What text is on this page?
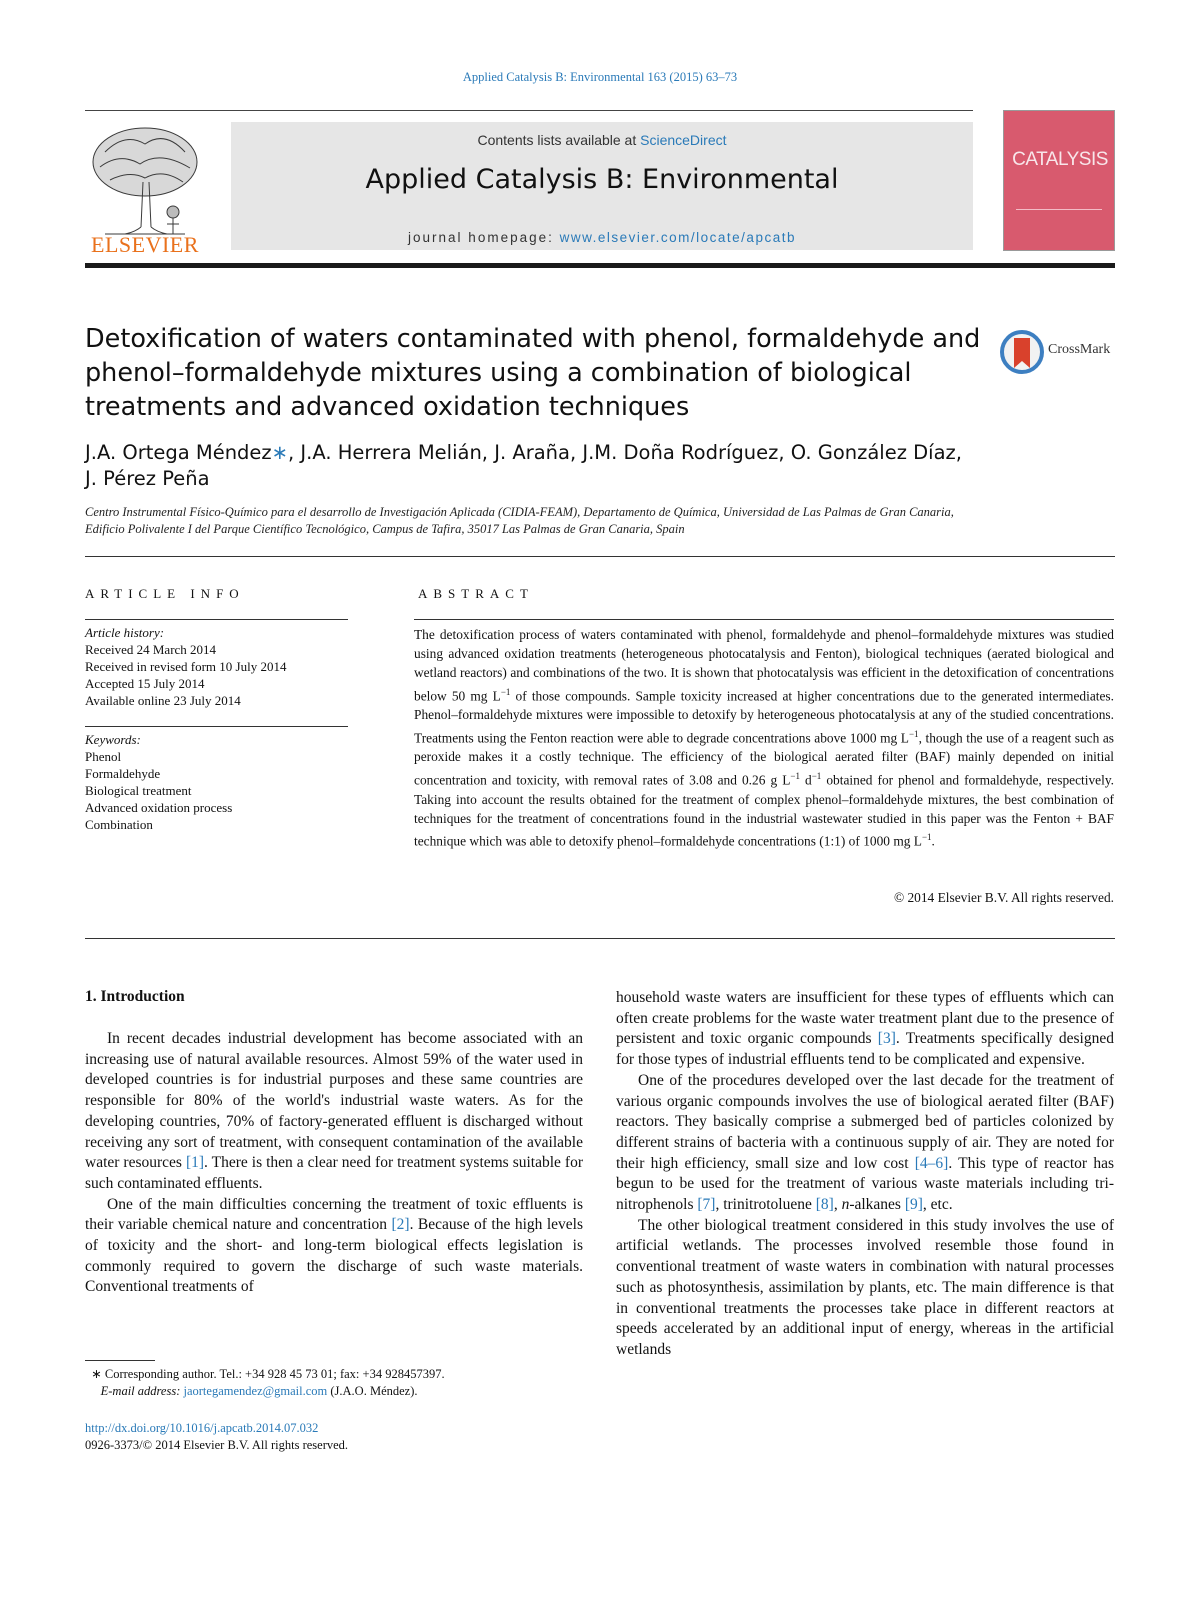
Applied Catalysis B: Environmental 163 (2015) 63–73
ELSEVIER
Contents lists available at ScienceDirect
Applied Catalysis B: Environmental
journal homepage: www.elsevier.com/locate/apcatb
CATALYSIS
Detoxification of waters contaminated with phenol, formaldehyde and phenol–formaldehyde mixtures using a combination of biological treatments and advanced oxidation techniques
CrossMark
J.A. Ortega Méndez∗, J.A. Herrera Melián, J. Araña, J.M. Doña Rodríguez, O. González Díaz,
J. Pérez Peña
Centro Instrumental Físico-Químico para el desarrollo de Investigación Aplicada (CIDIA-FEAM), Departamento de Química, Universidad de Las Palmas de Gran Canaria, Edificio Polivalente I del Parque Científico Tecnológico, Campus de Tafira, 35017 Las Palmas de Gran Canaria, Spain
ARTICLE INFO	ABSTRACT
Article history:
Received 24 March 2014
Received in revised form 10 July 2014
Accepted 15 July 2014
Available online 23 July 2014
Keywords:
Phenol
Formaldehyde
Biological treatment
Advanced oxidation process
Combination
The detoxification process of waters contaminated with phenol, formaldehyde and phenol–formaldehyde mixtures was studied using advanced oxidation treatments (heterogeneous photocatalysis and Fenton), biological techniques (aerated biological and wetland reactors) and combinations of the two. It is shown that photocatalysis was efficient in the detoxification of concentrations below 50 mg $L^{-1}$ of those compounds. Sample toxicity increased at higher concentrations due to the generated intermediates. Phenol–formaldehyde mixtures were impossible to detoxify by heterogeneous photocatalysis at any of the studied concentrations. Treatments using the Fenton reaction were able to degrade concentrations above 1000 mg $L^{-1}$, though the use of a reagent such as peroxide makes it a costly technique. The efficiency of the biological aerated filter (BAF) mainly depended on initial concentration and toxicity, with removal rates of 3.08 and 0.26 g $L^{-1}$ $d^{-1}$ obtained for phenol and formaldehyde, respectively. Taking into account the results obtained for the treatment of complex phenol–formaldehyde mixtures, the best combination of techniques for the treatment of concentrations found in the industrial wastewater studied in this paper was the Fenton + BAF technique which was able to detoxify phenol–formaldehyde concentrations (1:1) of 1000 mg $L^{-1}$.
© 2014 Elsevier B.V. All rights reserved.
1. Introduction

In recent decades industrial development has become associated with an increasing use of natural available resources. Almost 59% of the water used in developed countries is for industrial purposes and these same countries are responsible for 80% of the world's industrial waste waters. As for the developing countries, 70% of factory-generated effluent is discharged without receiving any sort of treatment, with consequent contamination of the available water resources [1]. There is then a clear need for treatment systems suitable for such contaminated effluents.

One of the main difficulties concerning the treatment of toxic effluents is their variable chemical nature and concentration [2]. Because of the high levels of toxicity and the short- and long-term biological effects legislation is commonly required to govern the discharge of such waste materials. Conventional treatments of

household waste waters are insufficient for these types of effluents which can often create problems for the waste water treatment plant due to the presence of persistent and toxic organic compounds [3]. Treatments specifically designed for those types of industrial effluents tend to be complicated and expensive.

One of the procedures developed over the last decade for the treatment of various organic compounds involves the use of biological aerated filter (BAF) reactors. They basically comprise a submerged bed of particles colonized by different strains of bacteria with a continuous supply of air. They are noted for their high efficiency, small size and low cost [4–6]. This type of reactor has begun to be used for the treatment of various waste materials including tri-nitrophenols [7], trinitrotoluene [8], n-alkanes [9], etc.

The other biological treatment considered in this study involves the use of artificial wetlands. The processes involved resemble those found in conventional treatment of waste waters in combination with natural processes such as photosynthesis, assimilation by plants, etc. The main difference is that in conventional treatments the processes take place in different reactors at speeds accelerated by an additional input of energy, whereas in the artificial wetlands

∗ Corresponding author. Tel.: +34 928 45 73 01; fax: +34 928457397.
E-mail address: jaortegamendez@gmail.com (J.A.O. Méndez).
http://dx.doi.org/10.1016/j.apcatb.2014.07.032
0926-3373/© 2014 Elsevier B.V. All rights reserved.
